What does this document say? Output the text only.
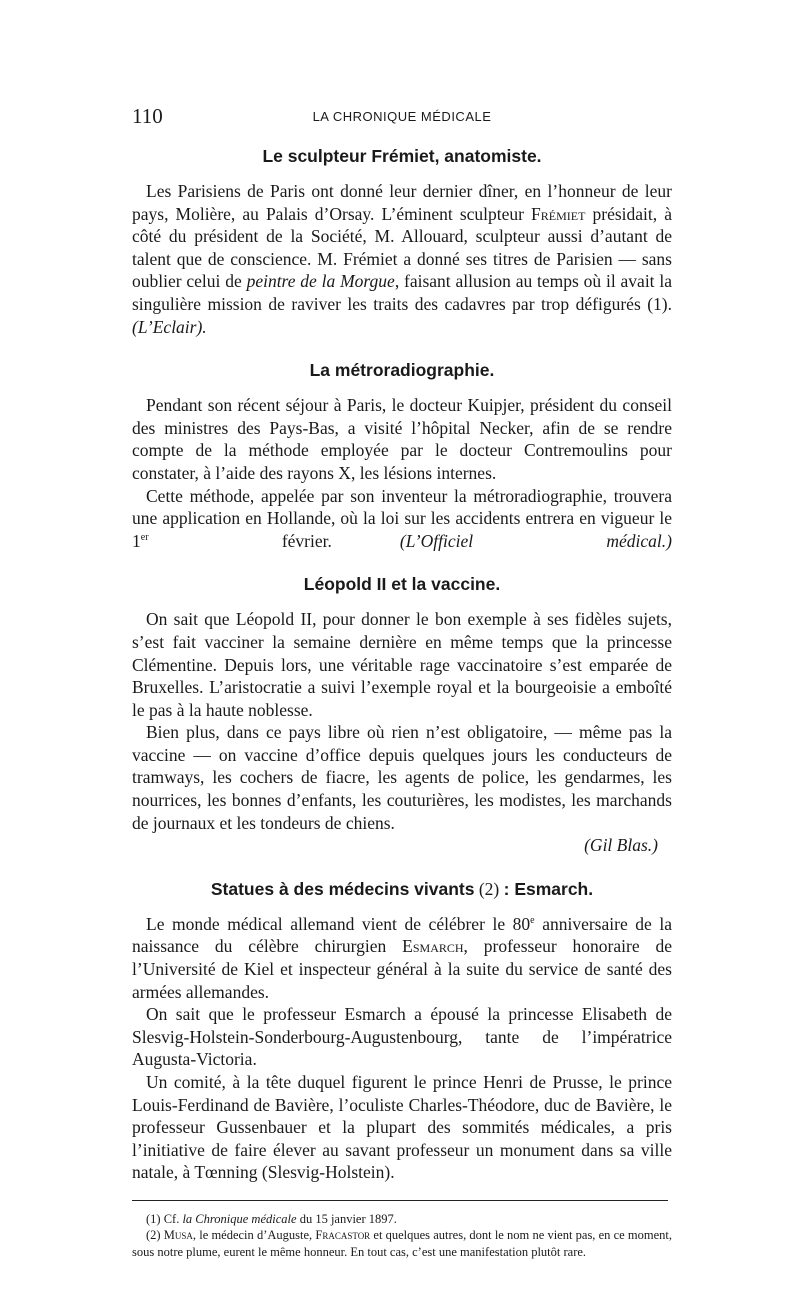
110	LA CHRONIQUE MÉDICALE
Le sculpteur Frémiet, anatomiste.

Les Parisiens de Paris ont donné leur dernier dîner, en l’honneur de leur pays, Molière, au Palais d’Orsay. L’éminent sculpteur Frémiet présidait, à côté du président de la Société, M. Allouard, sculpteur aussi d’autant de talent que de conscience. M. Frémiet a donné ses titres de Parisien — sans oublier celui de peintre de la Morgue, faisant allusion au temps où il avait la singulière mission de raviver les traits des cadavres par trop défigurés (1). (L’Eclair).

La métroradiographie.

Pendant son récent séjour à Paris, le docteur Kuipjer, président du conseil des ministres des Pays-Bas, a visité l’hôpital Necker, afin de se rendre compte de la méthode employée par le docteur Contremoulins pour constater, à l’aide des rayons X, les lésions internes.

Cette méthode, appelée par son inventeur la métroradiographie, trouvera une application en Hollande, où la loi sur les accidents entrera en vigueur le 1er février.	(L’Officiel médical.)

Léopold II et la vaccine.

On sait que Léopold II, pour donner le bon exemple à ses fidèles sujets, s’est fait vacciner la semaine dernière en même temps que la princesse Clémentine. Depuis lors, une véritable rage vaccinatoire s’est emparée de Bruxelles. L’aristocratie a suivi l’exemple royal et la bourgeoisie a emboîté le pas à la haute noblesse.

Bien plus, dans ce pays libre où rien n’est obligatoire, — même pas la vaccine — on vaccine d’office depuis quelques jours les conducteurs de tramways, les cochers de fiacre, les agents de police, les gendarmes, les nourrices, les bonnes d’enfants, les couturières, les modistes, les marchands de journaux et les tondeurs de chiens.

(Gil Blas.)

Statues à des médecins vivants (2) : Esmarch.

Le monde médical allemand vient de célébrer le 80e anniversaire de la naissance du célèbre chirurgien Esmarch, professeur honoraire de l’Université de Kiel et inspecteur général à la suite du service de santé des armées allemandes.

On sait que le professeur Esmarch a épousé la princesse Elisabeth de Slesvig-Holstein-Sonderbourg-Augustenbourg, tante de l’impératrice Augusta-Victoria.

Un comité, à la tête duquel figurent le prince Henri de Prusse, le prince Louis-Ferdinand de Bavière, l’oculiste Charles-Théodore, duc de Bavière, le professeur Gussenbauer et la plupart des sommités médicales, a pris l’initiative de faire élever au savant professeur un monument dans sa ville natale, à Tœnning (Slesvig-Holstein).

(1) Cf. la Chronique médicale du 15 janvier 1897.

(2) Musa, le médecin d’Auguste, Fracastor et quelques autres, dont le nom ne vient pas, en ce moment, sous notre plume, eurent le même honneur. En tout cas, c’est une manifestation plutôt rare.
